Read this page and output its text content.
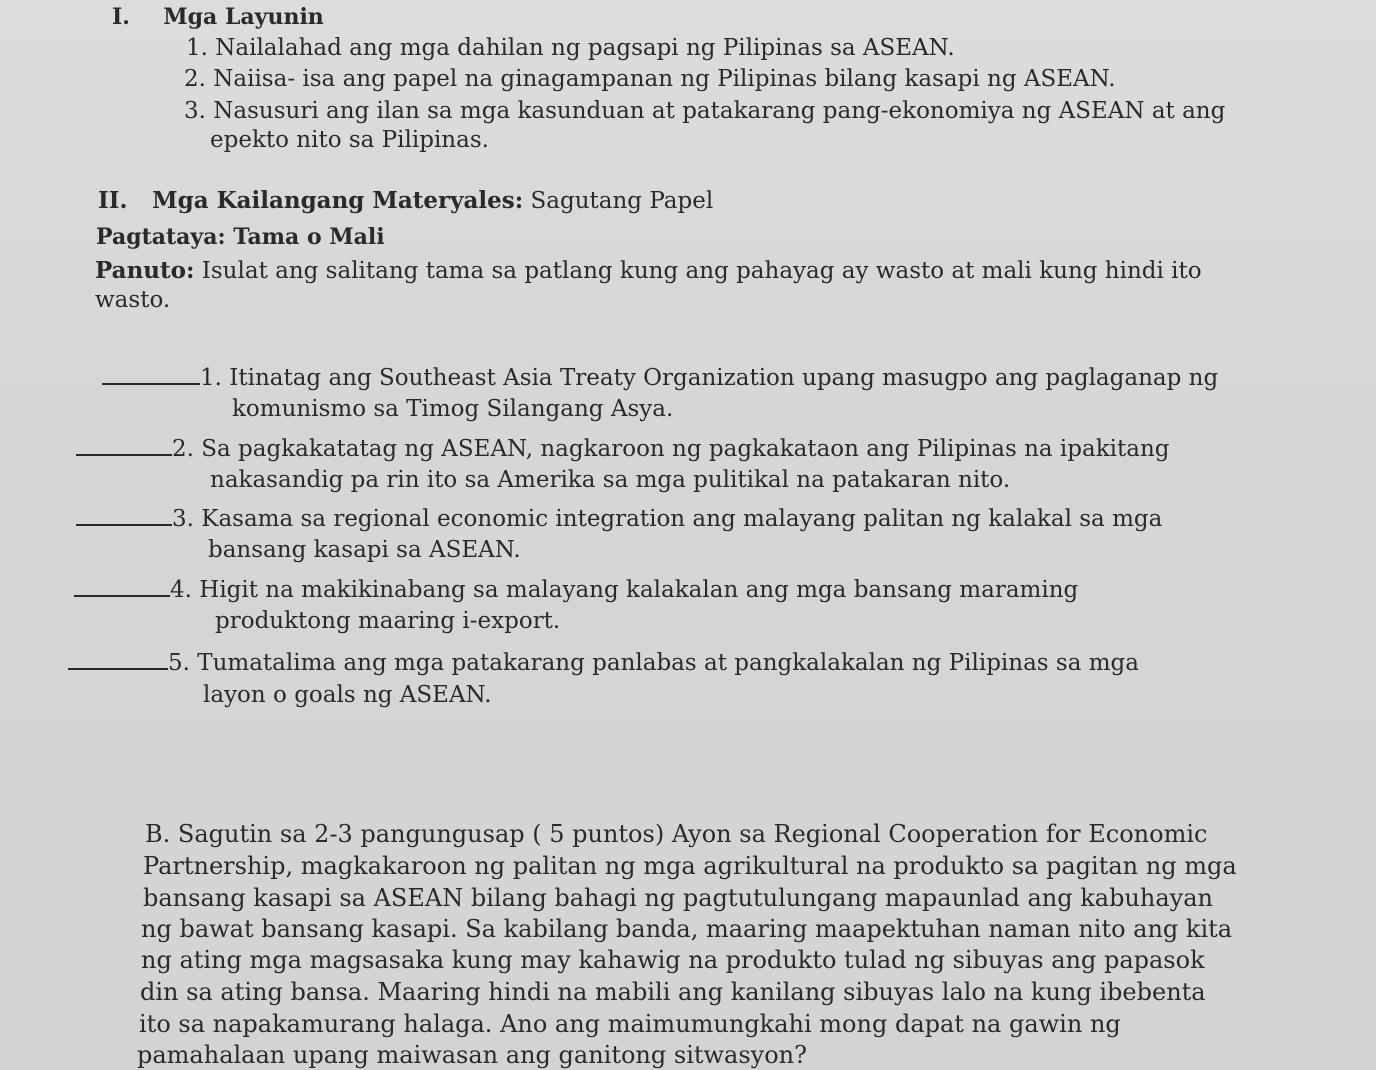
I. Mga Layunin
1. Nailalahad ang mga dahilan ng pagsapi ng Pilipinas sa ASEAN.
2. Naiisa- isa ang papel na ginagampanan ng Pilipinas bilang kasapi ng ASEAN.
3. Nasusuri ang ilan sa mga kasunduan at patakarang pang-ekonomiya ng ASEAN at ang
epekto nito sa Pilipinas.
II. Mga Kailangang Materyales: Sagutang Papel
Pagtataya: Tama o Mali
Panuto: Isulat ang salitang tama sa patlang kung ang pahayag ay wasto at mali kung hindi ito
wasto.
1. Itinatag ang Southeast Asia Treaty Organization upang masugpo ang paglaganap ng
komunismo sa Timog Silangang Asya.
2. Sa pagkakatatag ng ASEAN, nagkaroon ng pagkakataon ang Pilipinas na ipakitang
nakasandig pa rin ito sa Amerika sa mga pulitikal na patakaran nito.
3. Kasama sa regional economic integration ang malayang palitan ng kalakal sa mga
bansang kasapi sa ASEAN.
4. Higit na makikinabang sa malayang kalakalan ang mga bansang maraming
produktong maaring i-export.
5. Tumatalima ang mga patakarang panlabas at pangkalakalan ng Pilipinas sa mga
layon o goals ng ASEAN.
B. Sagutin sa 2-3 pangungusap ( 5 puntos) Ayon sa Regional Cooperation for Economic
Partnership, magkakaroon ng palitan ng mga agrikultural na produkto sa pagitan ng mga
bansang kasapi sa ASEAN bilang bahagi ng pagtutulungang mapaunlad ang kabuhayan
ng bawat bansang kasapi. Sa kabilang banda, maaring maapektuhan naman nito ang kita
ng ating mga magsasaka kung may kahawig na produkto tulad ng sibuyas ang papasok
din sa ating bansa. Maaring hindi na mabili ang kanilang sibuyas lalo na kung ibebenta
ito sa napakamurang halaga. Ano ang maimumungkahi mong dapat na gawin ng
pamahalaan upang maiwasan ang ganitong sitwasyon?
